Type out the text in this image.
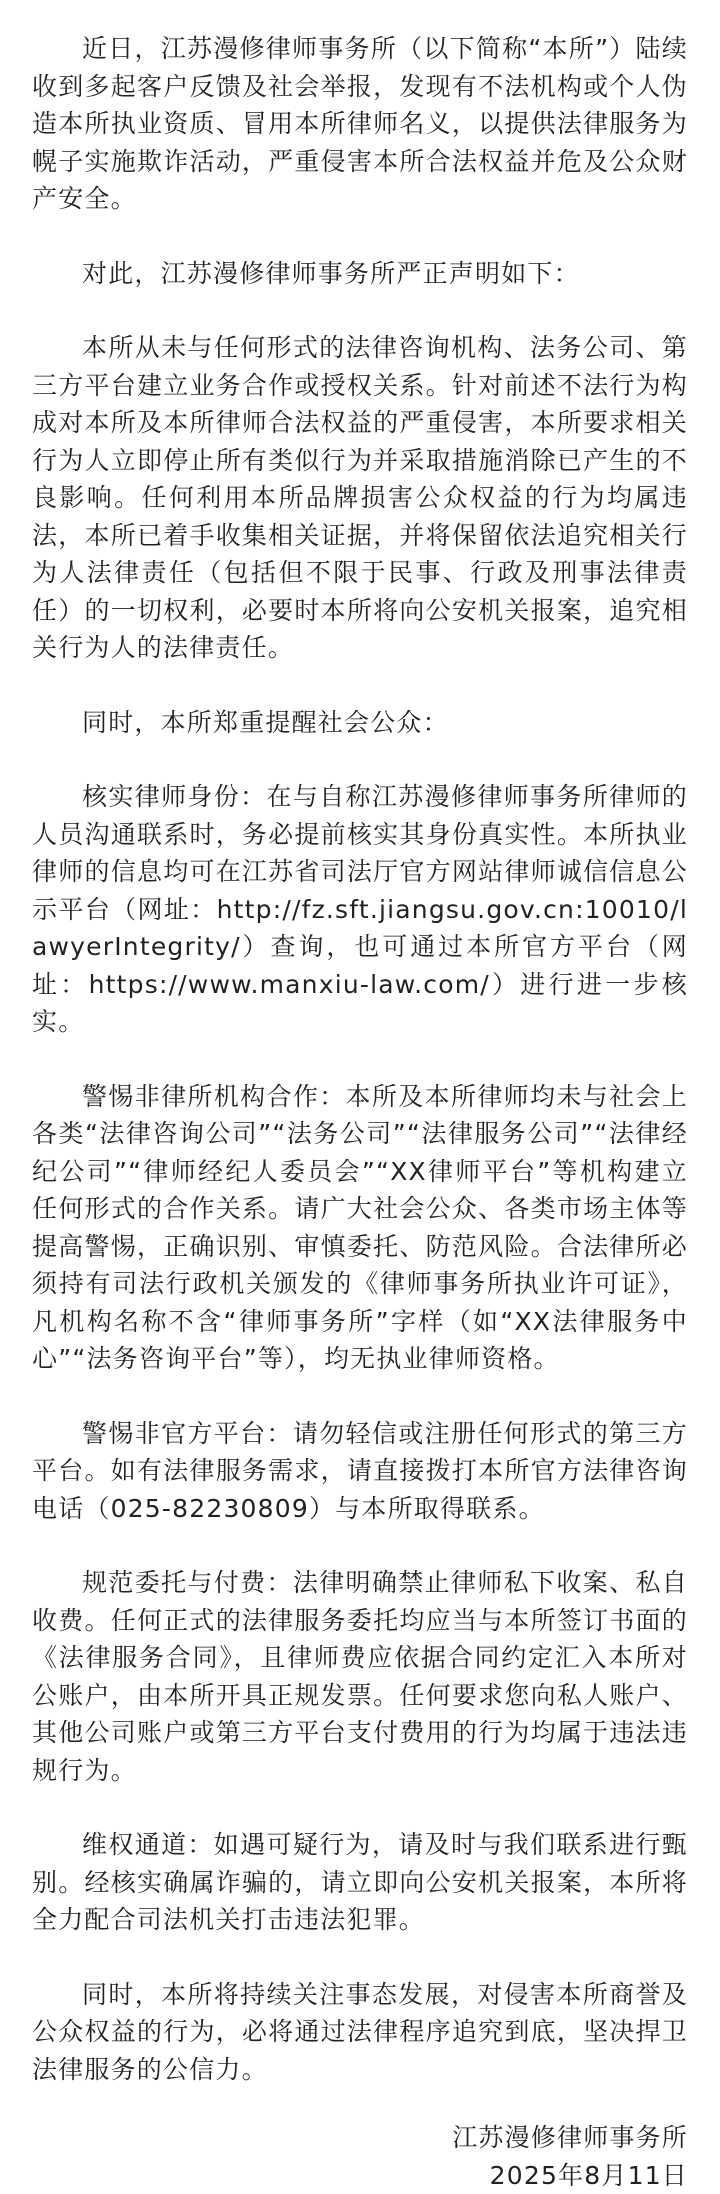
近日，江苏漫修律师事务所（以下简称“本所”）陆续收到多起客户反馈及社会举报，发现有不法机构或个人伪造本所执业资质、冒用本所律师名义，以提供法律服务为幌子实施欺诈活动，严重侵害本所合法权益并危及公众财产安全。

对此，江苏漫修律师事务所严正声明如下：

本所从未与任何形式的法律咨询机构、法务公司、第三方平台建立业务合作或授权关系。针对前述不法行为构成对本所及本所律师合法权益的严重侵害，本所要求相关行为人立即停止所有类似行为并采取措施消除已产生的不良影响。任何利用本所品牌损害公众权益的行为均属违法，本所已着手收集相关证据，并将保留依法追究相关行为人法律责任（包括但不限于民事、行政及刑事法律责任）的一切权利，必要时本所将向公安机关报案，追究相关行为人的法律责任。

同时，本所郑重提醒社会公众：

核实律师身份：在与自称江苏漫修律师事务所律师的人员沟通联系时，务必提前核实其身份真实性。本所执业律师的信息均可在江苏省司法厅官方网站律师诚信信息公示平台（网址：http://fz.sft.jiangsu.gov.cn:10010/lawyerIntegrity/）查询，也可通过本所官方平台（网址：https://www.manxiu-law.com/）进行进一步核实。

警惕非律所机构合作：本所及本所律师均未与社会上各类“法律咨询公司”“法务公司”“法律服务公司”“法律经纪公司”“律师经纪人委员会”“XX律师平台”等机构建立任何形式的合作关系。请广大社会公众、各类市场主体等提高警惕，正确识别、审慎委托、防范风险。合法律所必须持有司法行政机关颁发的《律师事务所执业许可证》，凡机构名称不含“律师事务所”字样（如“XX法律服务中心”“法务咨询平台”等），均无执业律师资格。

警惕非官方平台：请勿轻信或注册任何形式的第三方平台。如有法律服务需求，请直接拨打本所官方法律咨询电话（025-82230809）与本所取得联系。

规范委托与付费：法律明确禁止律师私下收案、私自收费。任何正式的法律服务委托均应当与本所签订书面的《法律服务合同》，且律师费应依据合同约定汇入本所对公账户，由本所开具正规发票。任何要求您向私人账户、其他公司账户或第三方平台支付费用的行为均属于违法违规行为。

维权通道：如遇可疑行为，请及时与我们联系进行甄别。经核实确属诈骗的，请立即向公安机关报案，本所将全力配合司法机关打击违法犯罪。

同时，本所将持续关注事态发展，对侵害本所商誉及公众权益的行为，必将通过法律程序追究到底，坚决捍卫法律服务的公信力。

江苏漫修律师事务所
2025年8月11日
